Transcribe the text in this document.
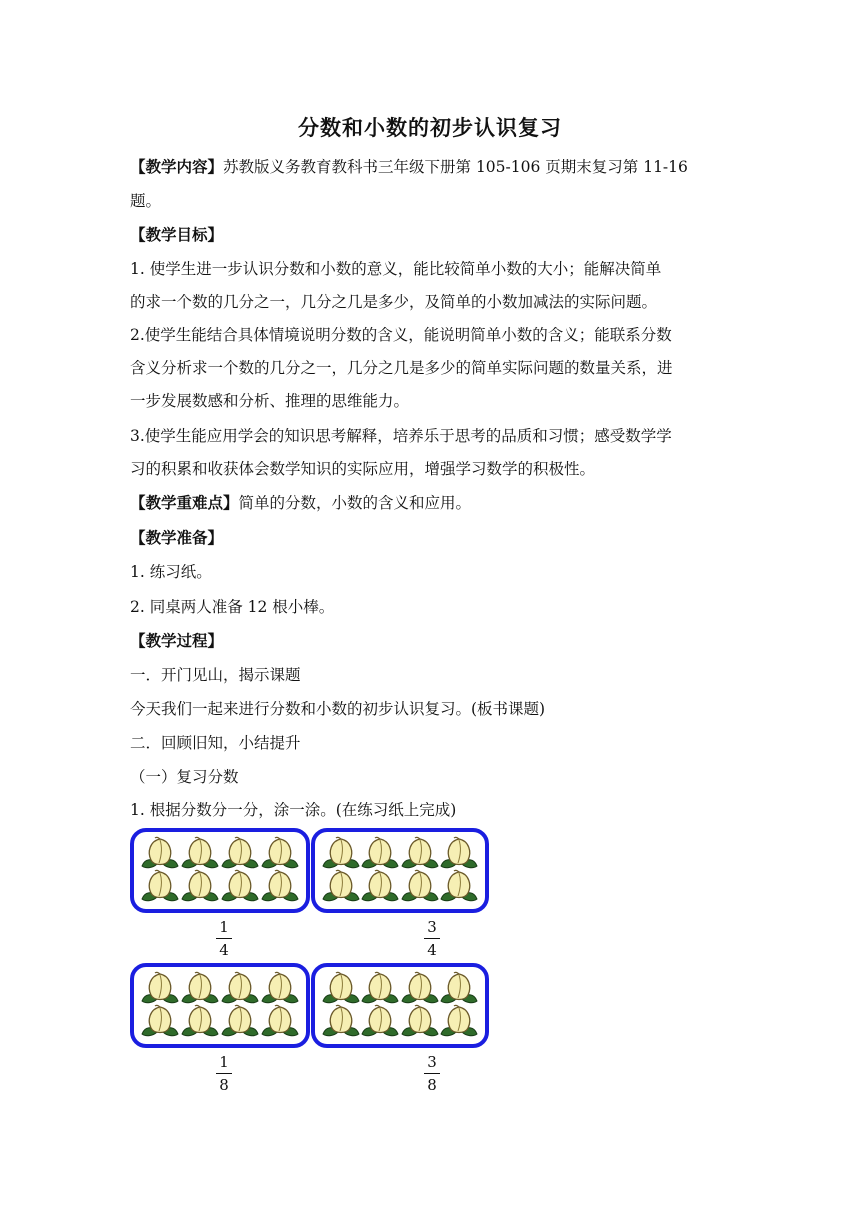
分数和小数的初步认识复习
【教学内容】苏教版义务教育教科书三年级下册第 105-106 页期末复习第 11-16
题。
【教学目标】
1. 使学生进一步认识分数和小数的意义，能比较简单小数的大小；能解决简单
的求一个数的几分之一，几分之几是多少，及简单的小数加减法的实际问题。
2.使学生能结合具体情境说明分数的含义，能说明简单小数的含义；能联系分数
含义分析求一个数的几分之一，几分之几是多少的简单实际问题的数量关系，进
一步发展数感和分析、推理的思维能力。
3.使学生能应用学会的知识思考解释，培养乐于思考的品质和习惯；感受数学学
习的积累和收获体会数学知识的实际应用，增强学习数学的积极性。
【教学重难点】简单的分数，小数的含义和应用。
【教学准备】
1. 练习纸。
2. 同桌两人准备 12 根小棒。
【教学过程】
一．开门见山，揭示课题
今天我们一起来进行分数和小数的初步认识复习。(板书课题)
二．回顾旧知，小结提升
（一）复习分数
1. 根据分数分一分，涂一涂。(在练习纸上完成)
1
4
3
4
1
8
3
8
